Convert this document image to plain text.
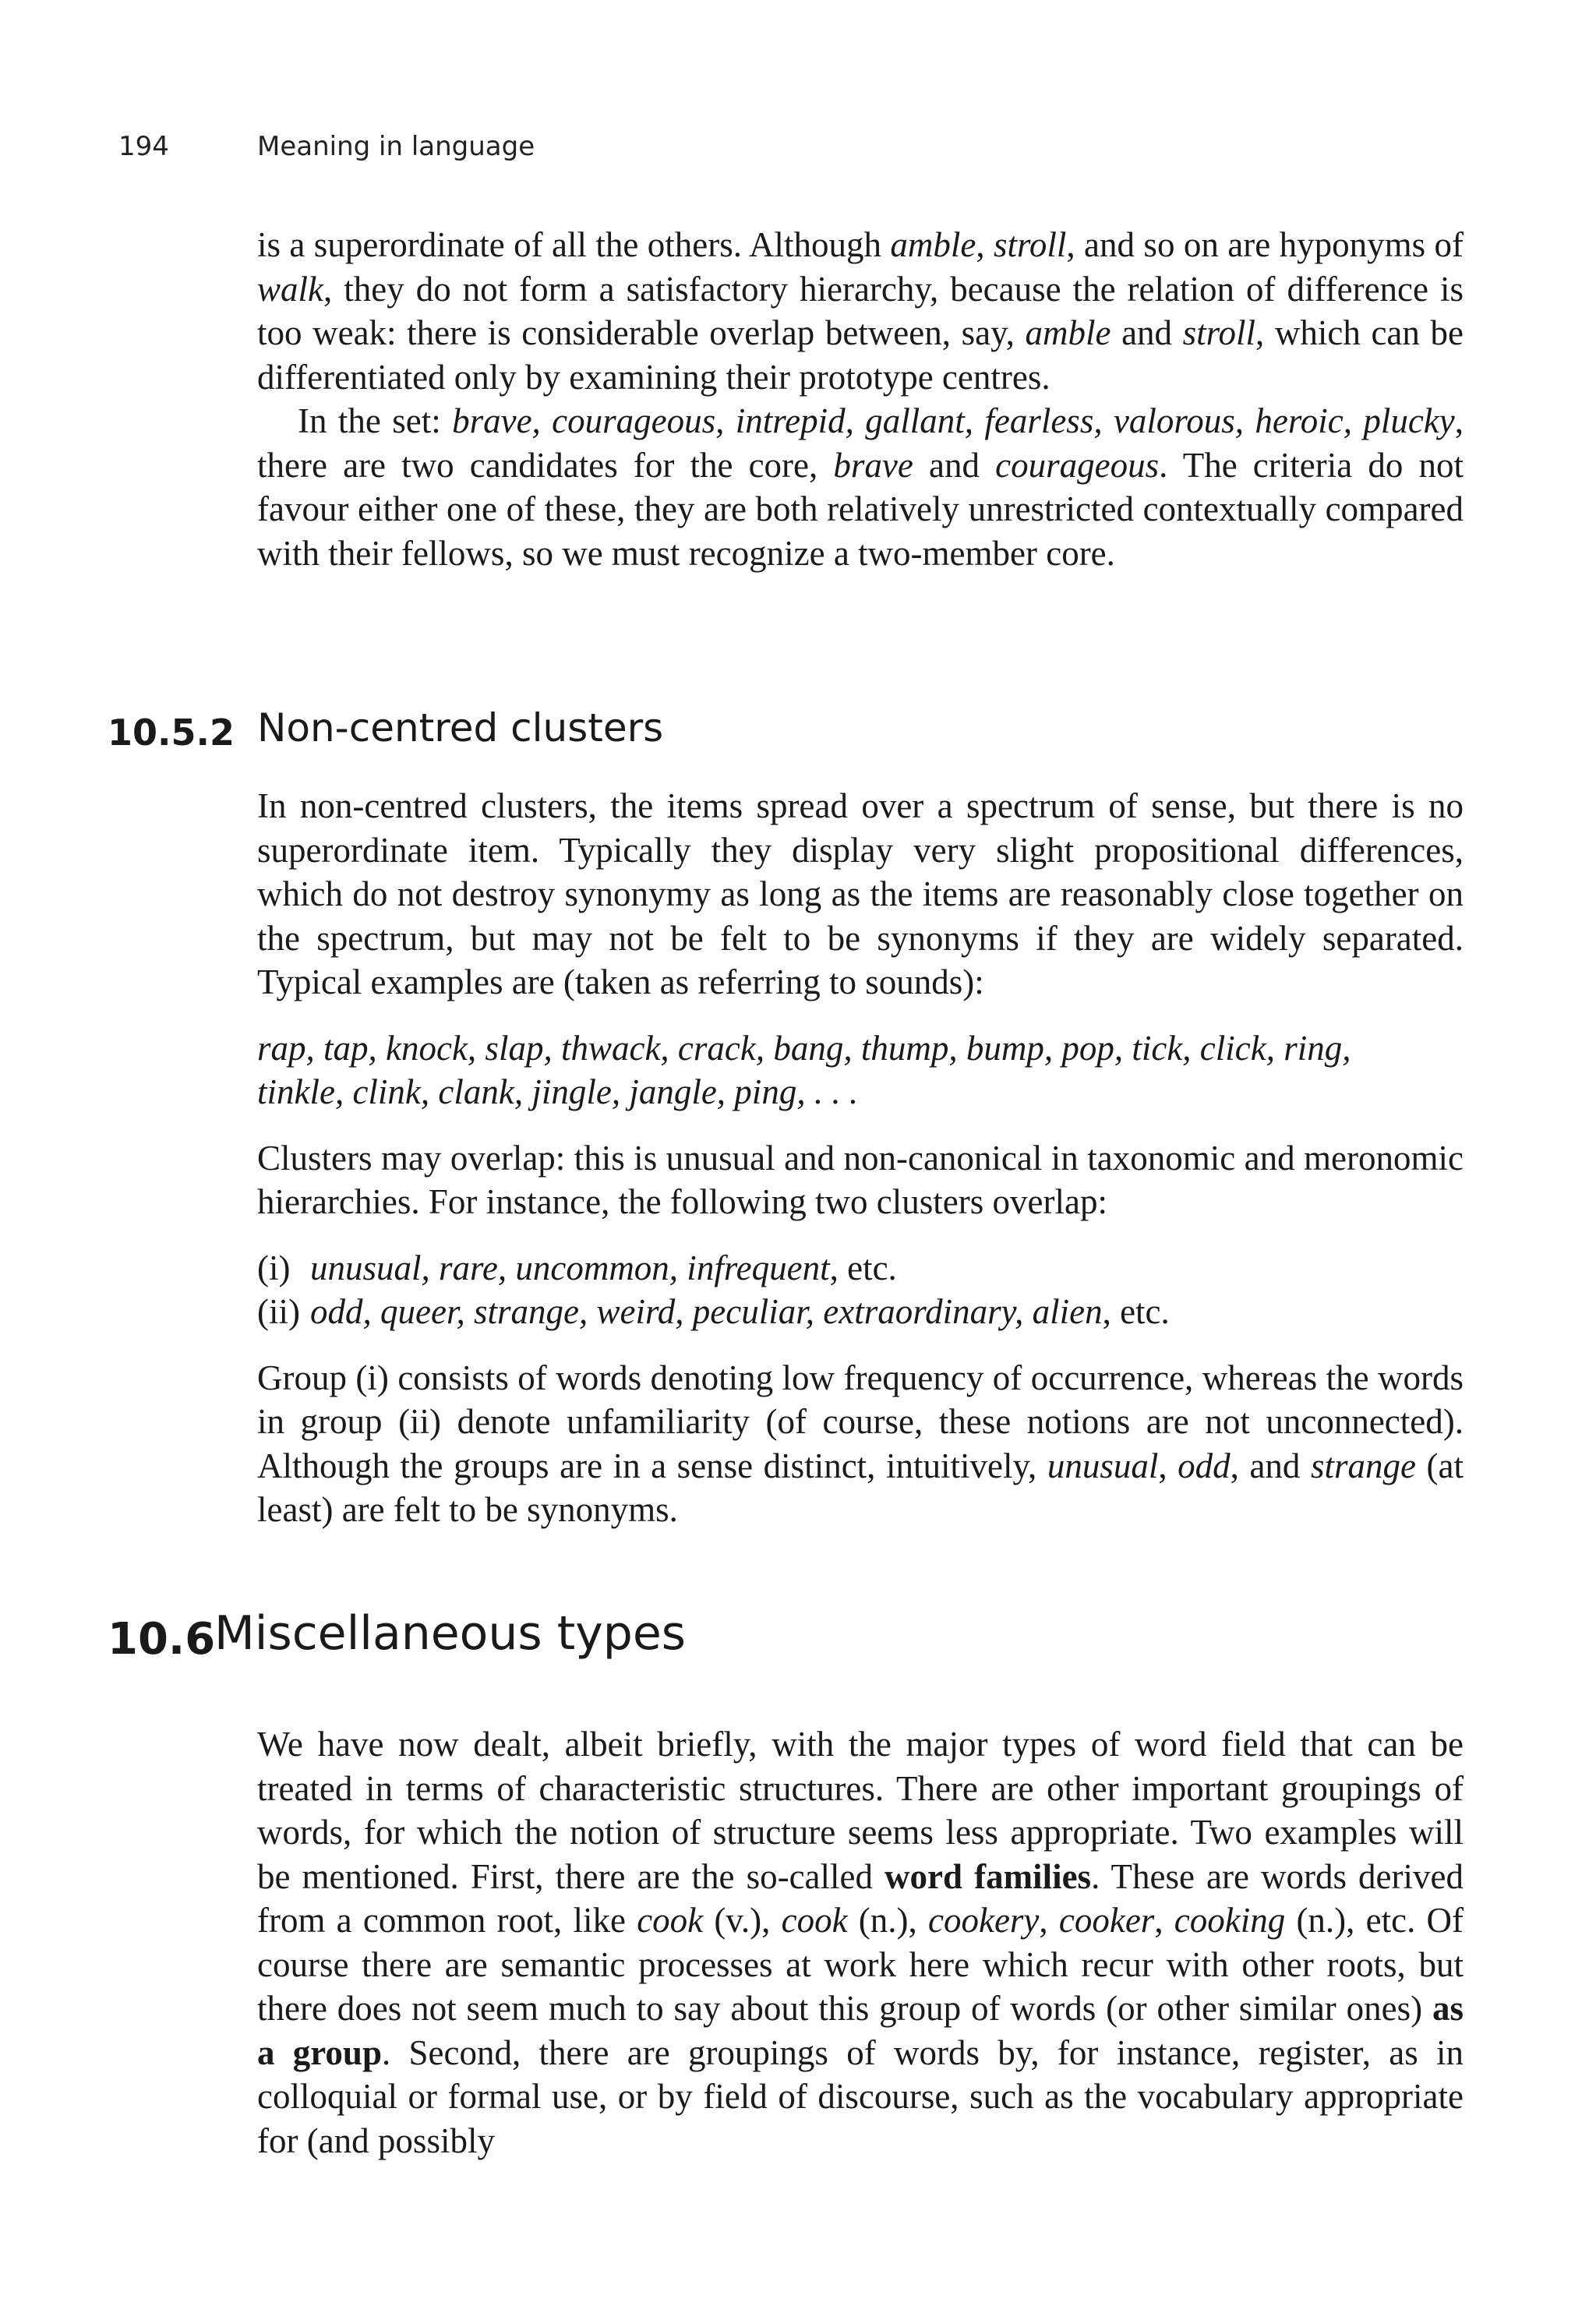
194	Meaning in language

is a superordinate of all the others. Although amble, stroll, and so on are hyponyms of walk, they do not form a satisfactory hierarchy, because the relation of difference is too weak: there is considerable overlap between, say, amble and stroll, which can be differentiated only by examining their prototype centres.

In the set: brave, courageous, intrepid, gallant, fearless, valorous, heroic, plucky, there are two candidates for the core, brave and courageous. The criteria do not favour either one of these, they are both relatively unrestricted contextually compared with their fellows, so we must recognize a two-member core.

10.5.2 Non-centred clusters

In non-centred clusters, the items spread over a spectrum of sense, but there is no superordinate item. Typically they display very slight propositional differences, which do not destroy synonymy as long as the items are reasonably close together on the spectrum, but may not be felt to be synonyms if they are widely separated. Typical examples are (taken as referring to sounds):

rap, tap, knock, slap, thwack, crack, bang, thump, bump, pop, tick, click, ring,

tinkle, clink, clank, jingle, jangle, ping, . . .

Clusters may overlap: this is unusual and non-canonical in taxonomic and meronomic hierarchies. For instance, the following two clusters overlap:

(i) unusual, rare, uncommon, infrequent, etc.
(ii) odd, queer, strange, weird, peculiar, extraordinary, alien, etc.

Group (i) consists of words denoting low frequency of occurrence, whereas the words in group (ii) denote unfamiliarity (of course, these notions are not unconnected). Although the groups are in a sense distinct, intuitively, unusual, odd, and strange (at least) are felt to be synonyms.

10.6
Miscellaneous types

We have now dealt, albeit briefly, with the major types of word field that can be treated in terms of characteristic structures. There are other important groupings of words, for which the notion of structure seems less appropriate. Two examples will be mentioned. First, there are the so-called word families. These are words derived from a common root, like cook (v.), cook (n.), cookery, cooker, cooking (n.), etc. Of course there are semantic processes at work here which recur with other roots, but there does not seem much to say about this group of words (or other similar ones) as a group. Second, there are groupings of words by, for instance, register, as in colloquial or formal use, or by field of discourse, such as the vocabulary appropriate for (and possibly
